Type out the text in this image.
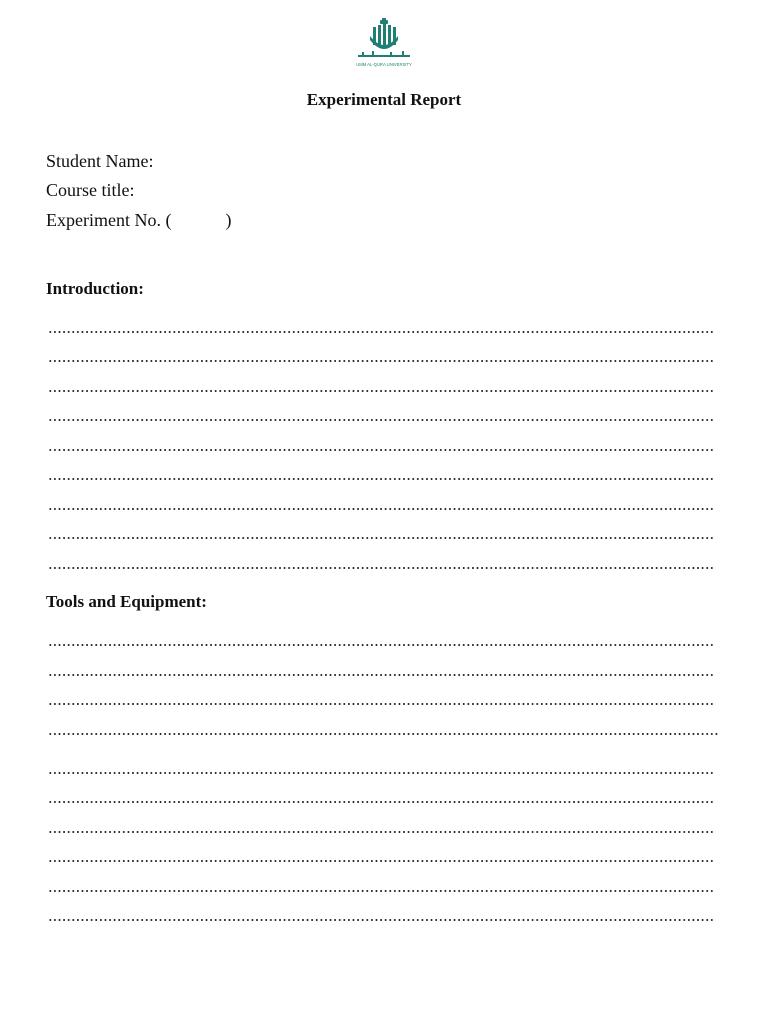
UMM AL-QURA UNIVERSITY
Experimental Report
Student Name:
Course title:
Experiment No. (            )
Introduction:
Tools and Equipment:
